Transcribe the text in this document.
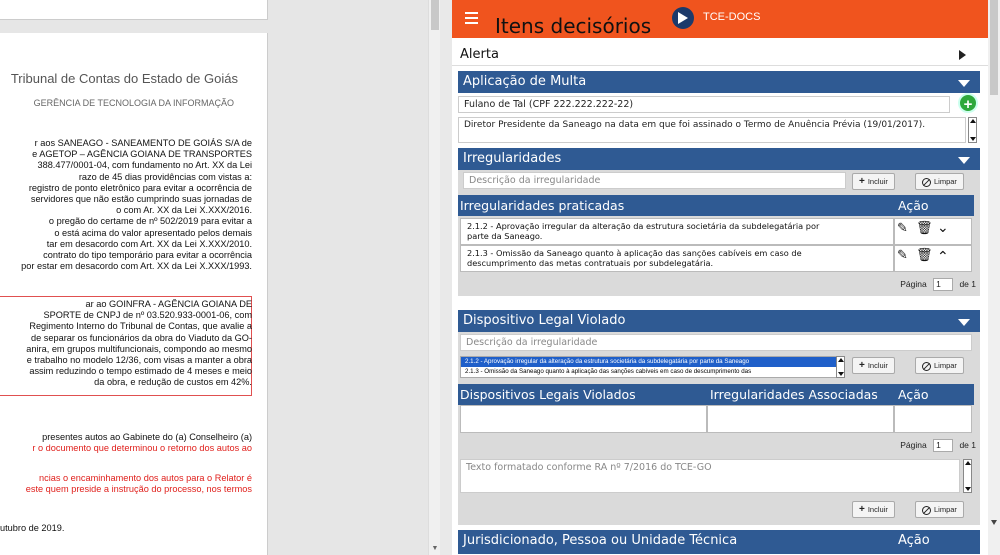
Tribunal de Contas do Estado de Goiás
GERÊNCIA DE TECNOLOGIA DA INFORMAÇÃO
r aos SANEAGO - SANEAMENTO DE GOIÁS S/A de
e AGETOP – AGÊNCIA GOIANA DE TRANSPORTES
388.477/0001-04, com fundamento no Art. XX da Lei
razo de 45 dias providências com vistas a:
registro de ponto eletrônico para evitar a ocorrência de
servidores que não estão cumprindo suas jornadas de
o com Ar. XX da Lei X.XXX/2016.
o pregão do certame de nº 502/2019 para evitar a
o está acima do valor apresentado pelos demais
tar em desacordo com Art. XX da Lei X.XXX/2010.
contrato do tipo temporário para evitar a ocorrência
por estar em desacordo com Art. XX da Lei X.XXX/1993.
ar ao GOINFRA - AGÊNCIA GOIANA DE
SPORTE de CNPJ de nº 03.520.933-0001-06, com
Regimento Interno do Tribunal de Contas, que avalie a
de separar os funcionários da obra do Viaduto da GO-
anira, em grupos multifuncionais, compondo ao mesmo
e trabalho no modelo 12/36, com visas a manter a obra
assim reduzindo o tempo estimado de 4 meses e meio
da obra, e redução de custos em 42%.
presentes autos ao Gabinete do (a) Conselheiro (a)
r o documento que determinou o retorno dos autos ao
ncias o encaminhamento dos autos para o Relator é
este quem preside a instrução do processo, nos termos
utubro de 2019.
▼
Itens decisórios	TCE-DOCS
Alerta
Aplicação de Multa
Fulano de Tal (CPF 222.222.222-22)	+
Diretor Presidente da Saneago na data em que foi assinado o Termo de Anuência Prévia (19/01/2017).
Irregularidades
Descrição da irregularidade	+ Incluir	Limpar
Irregularidades praticadas	Ação
2.1.2 - Aprovação irregular da alteração da estrutura societária da subdelegatária por
parte da Saneago.	✎ 🗑 ⌄
2.1.3 - Omissão da Saneago quanto à aplicação das sanções cabíveis em caso de
descumprimento das metas contratuais por subdelegatária.	✎ 🗑 ⌃
Página 1 de 1
Dispositivo Legal Violado
Descrição da irregularidade
2.1.2 - Aprovação irregular da alteração da estrutura societária da subdelegatária por parte da Saneago
2.1.3 - Omissão da Saneago quanto à aplicação das sanções cabíveis em caso de descumprimento das
+ Incluir	Limpar
Dispositivos Legais Violados	Irregularidades Associadas Ação
Página 1 de 1
Texto formatado conforme RA nº 7/2016 do TCE-GO
+ Incluir	Limpar
Jurisdicionado, Pessoa ou Unidade Técnica	Ação
